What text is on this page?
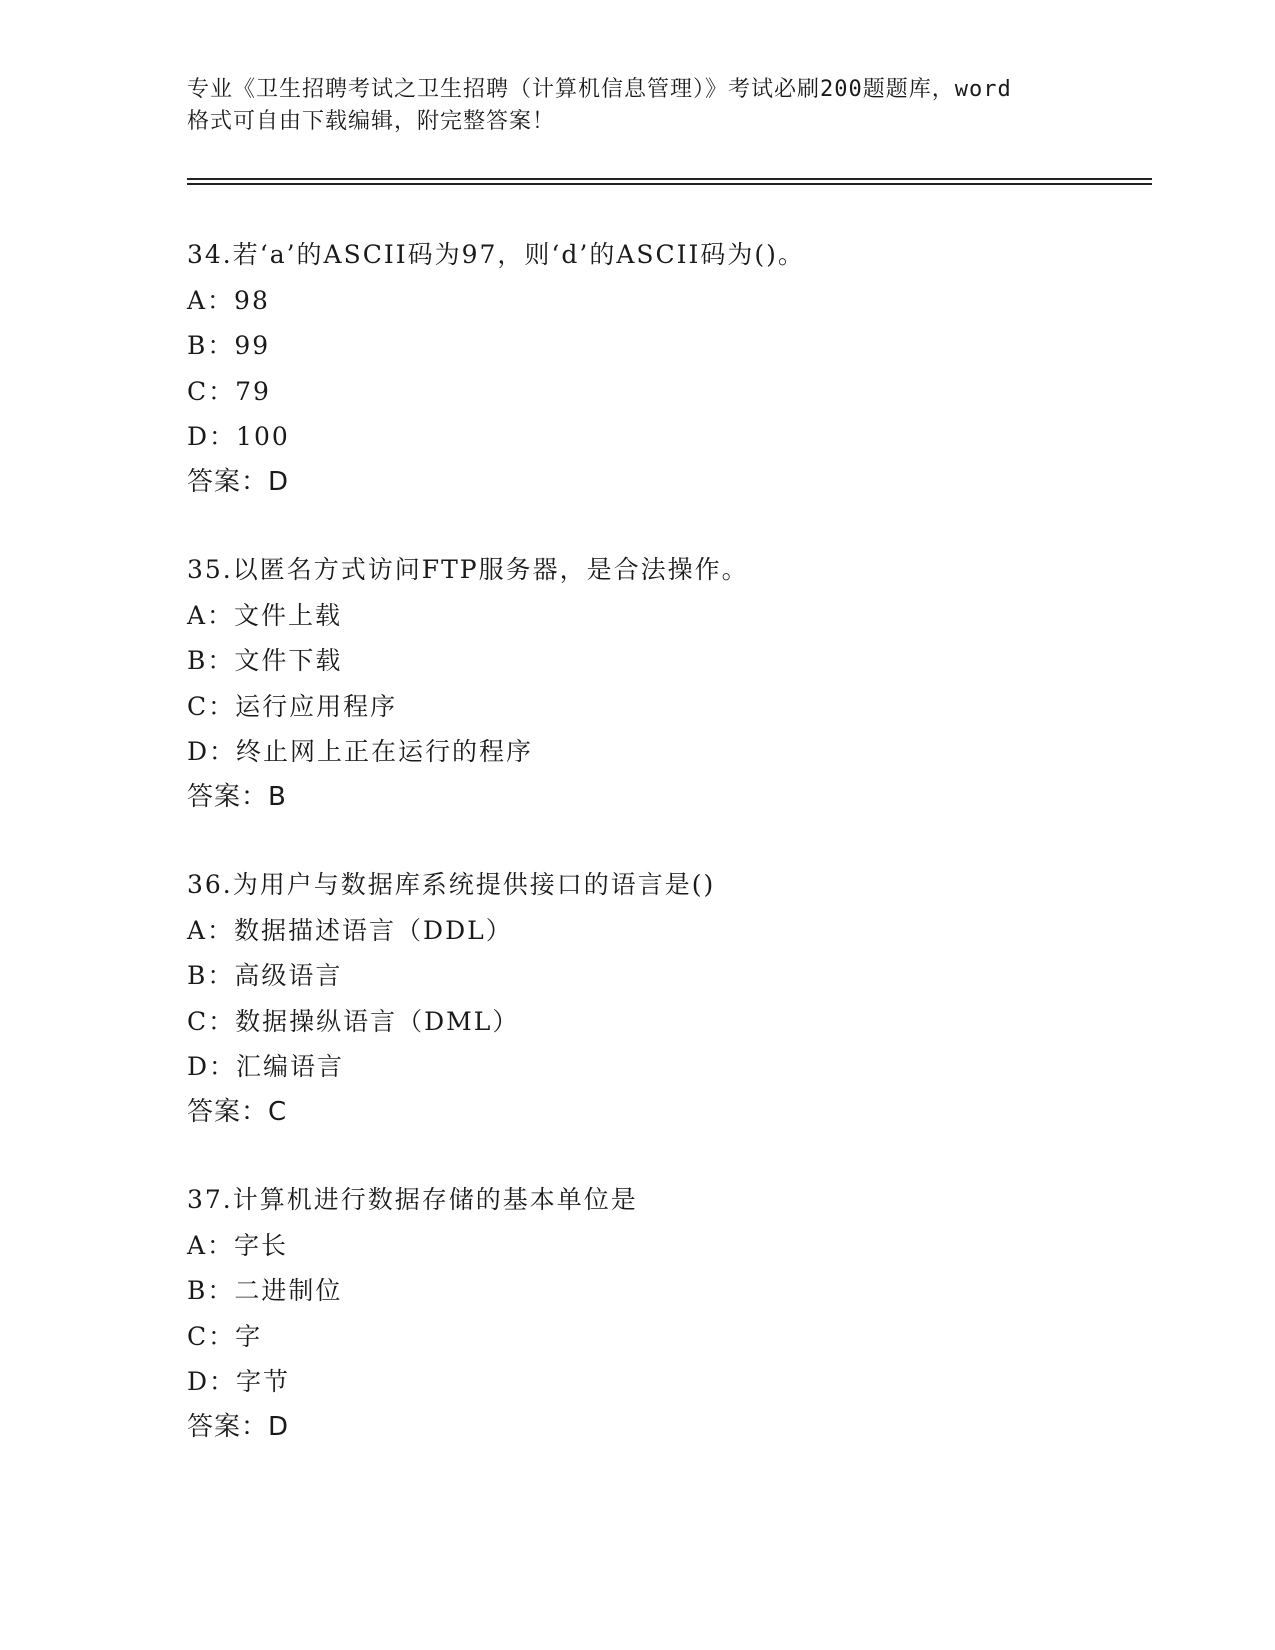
专业《卫生招聘考试之卫生招聘（计算机信息管理）》考试必刷200题题库，word
格式可自由下载编辑，附完整答案！
34.若‘a’的ASCII码为97，则‘d’的ASCII码为()。
A：98
B：99
C：79
D：100
答案：D
35.以匿名方式访问FTP服务器，是合法操作。
A：文件上载
B：文件下载
C：运行应用程序
D：终止网上正在运行的程序
答案：B
36.为用户与数据库系统提供接口的语言是()
A：数据描述语言（DDL）
B：高级语言
C：数据操纵语言（DML）
D：汇编语言
答案：C
37.计算机进行数据存储的基本单位是
A：字长
B：二进制位
C：字
D：字节
答案：D
